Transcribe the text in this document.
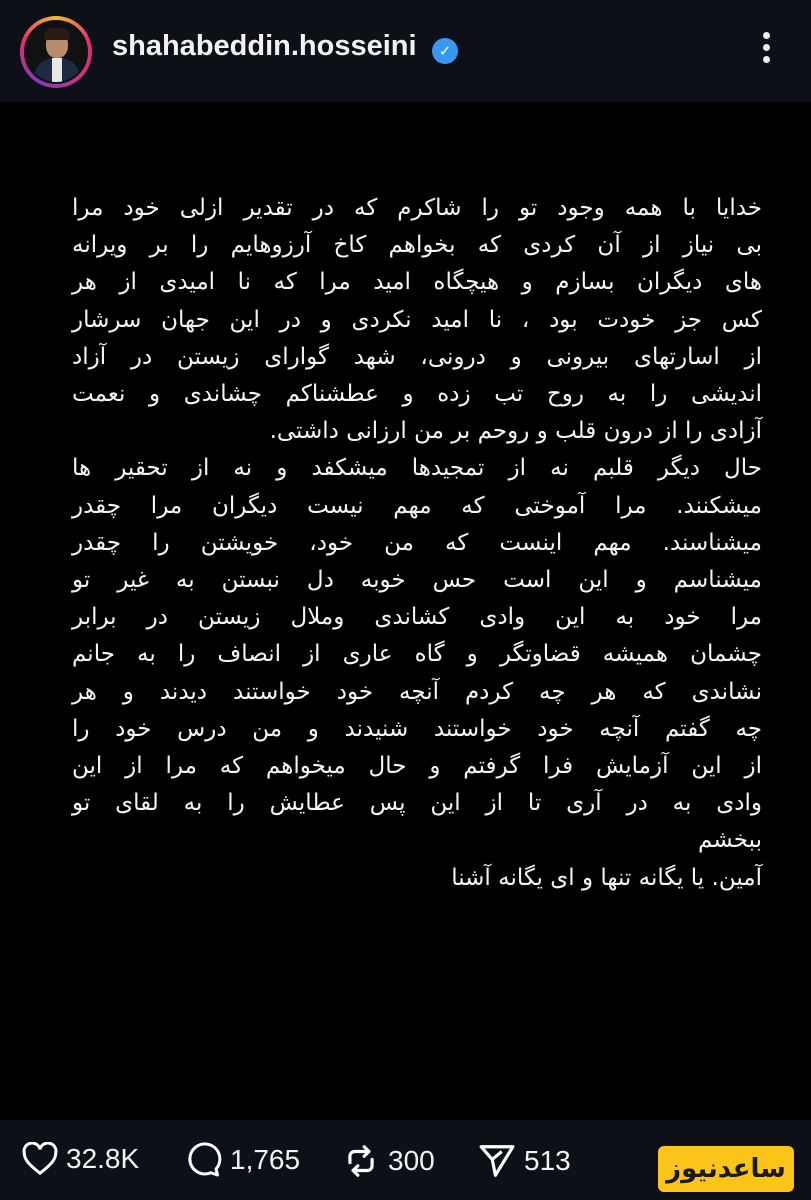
shahabeddin.hosseini	✓
خدایا با همه وجود تو را شاکرم که در تقدیر ازلی خود مرا
بی نیاز از آن کردی که بخواهم کاخ آرزوهایم را بر ویرانه
های دیگران بسازم و هیچگاه امید مرا که نا امیدی از هر
کس جز خودت بود ، نا امید نکردی و در این جهان سرشار
از اسارتهای بیرونی و درونی، شهد گوارای زیستن در آزاد
اندیشی را به روح تب زده و عطشناکم چشاندی و نعمت
آزادی را از درون قلب و روحم بر من ارزانی داشتی.
حال دیگر قلبم نه از تمجیدها میشکفد و نه از تحقیر ها
میشکنند. مرا آموختی که مهم نیست دیگران مرا چقدر
میشناسند. مهم اینست که من خود، خویشتن را چقدر
میشناسم و این است حس خوبه دل نبستن به غیر تو
مرا خود به این وادی کشاندی وملال زیستن در برابر
چشمان همیشه قضاوتگر و گاه عاری از انصاف را به جانم
نشاندی که هر چه کردم آنچه خود خواستند دیدند و هر
چه گفتم آنچه خود خواستند شنیدند و من درس خود را
از این آزمایش فرا گرفتم و حال میخواهم که مرا از این
وادی به در آری تا از این پس عطایش را به لقای تو
ببخشم
آمین. یا یگانه تنها و ای یگانه آشنا
32.8K	1,765	300	513	ساعدنیوز
